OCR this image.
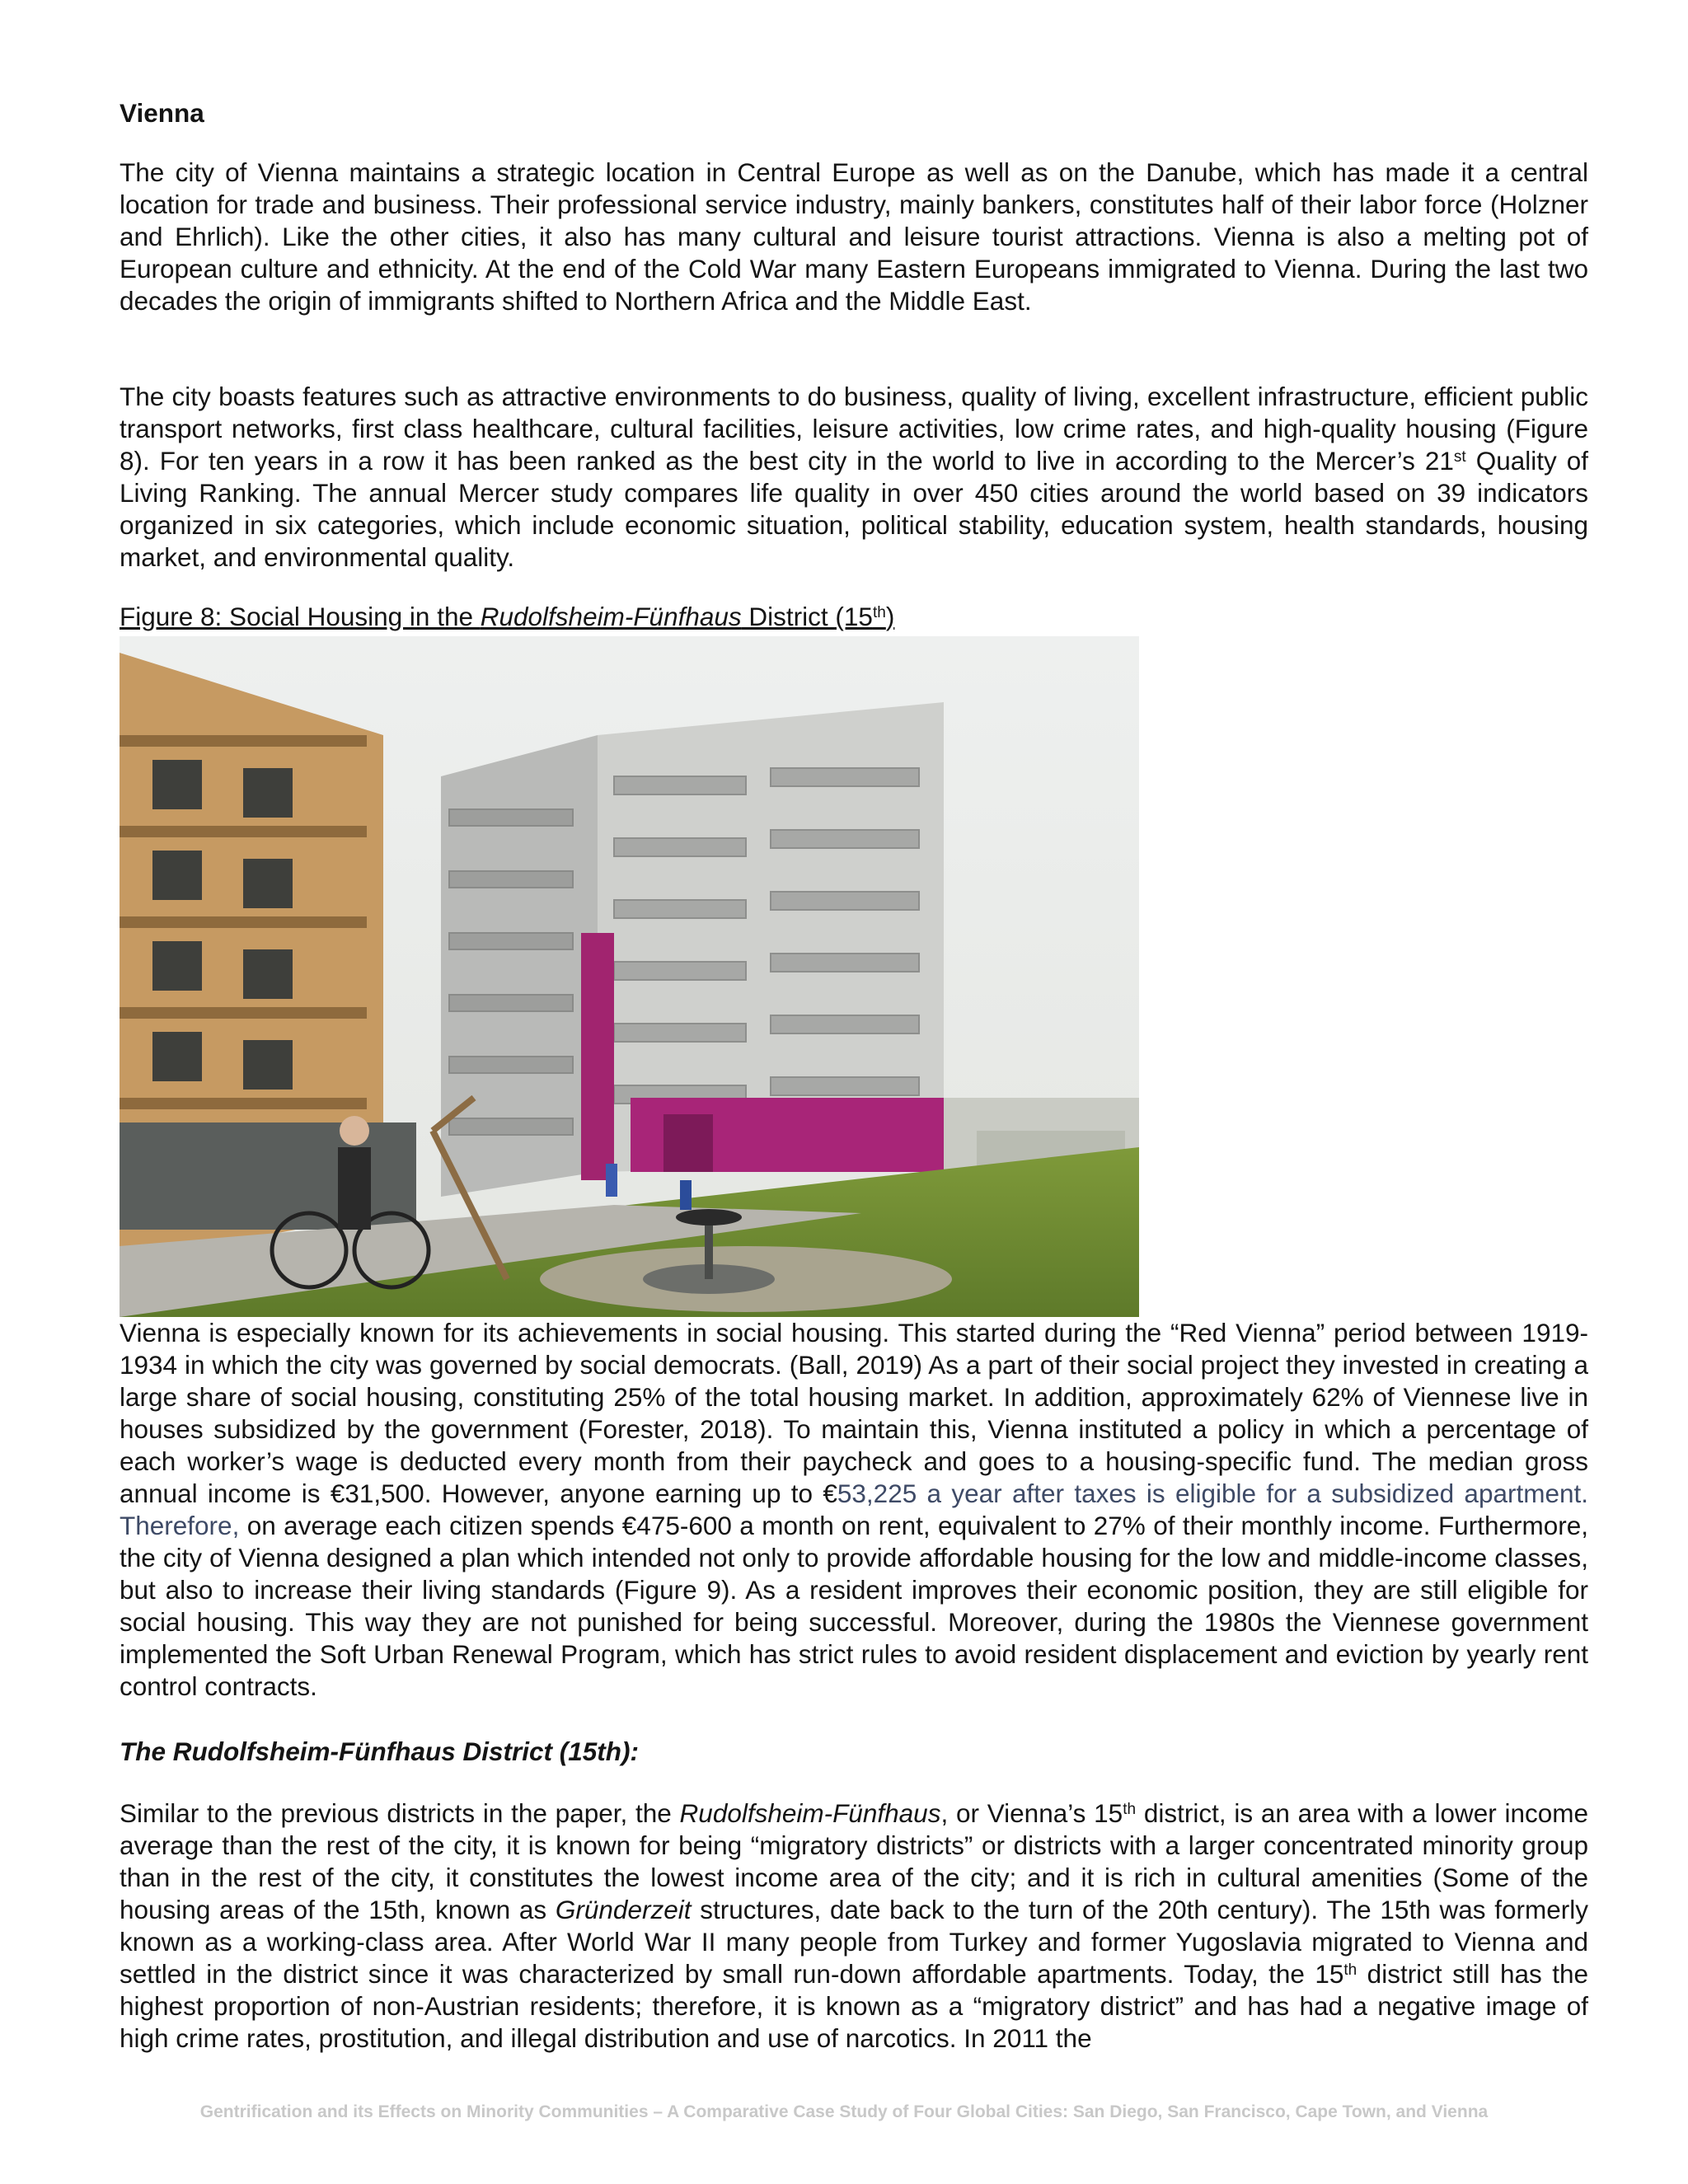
Vienna

The city of Vienna maintains a strategic location in Central Europe as well as on the Danube, which has made it a central location for trade and business. Their professional service industry, mainly bankers, constitutes half of their labor force (Holzner and Ehrlich). Like the other cities, it also has many cultural and leisure tourist attractions. Vienna is also a melting pot of European culture and ethnicity. At the end of the Cold War many Eastern Europeans immigrated to Vienna. During the last two decades the origin of immigrants shifted to Northern Africa and the Middle East.

The city boasts features such as attractive environments to do business, quality of living, excellent infrastructure, efficient public transport networks, first class healthcare, cultural facilities, leisure activities, low crime rates, and high-quality housing (Figure 8). For ten years in a row it has been ranked as the best city in the world to live in according to the Mercer’s 21st Quality of Living Ranking. The annual Mercer study compares life quality in over 450 cities around the world based on 39 indicators organized in six categories, which include economic situation, political stability, education system, health standards, housing market, and environmental quality.

Figure 8: Social Housing in the Rudolfsheim-Fünfhaus District (15th)

Vienna is especially known for its achievements in social housing. This started during the “Red Vienna” period between 1919-1934 in which the city was governed by social democrats. (Ball, 2019) As a part of their social project they invested in creating a large share of social housing, constituting 25% of the total housing market. In addition, approximately 62% of Viennese live in houses subsidized by the government (Forester, 2018). To maintain this, Vienna instituted a policy in which a percentage of each worker’s wage is deducted every month from their paycheck and goes to a housing-specific fund. The median gross annual income is €31,500. However, anyone earning up to €53,225 a year after taxes is eligible for a subsidized apartment. Therefore, on average each citizen spends €475-600 a month on rent, equivalent to 27% of their monthly income. Furthermore, the city of Vienna designed a plan which intended not only to provide affordable housing for the low and middle-income classes, but also to increase their living standards (Figure 9). As a resident improves their economic position, they are still eligible for social housing. This way they are not punished for being successful. Moreover, during the 1980s the Viennese government implemented the Soft Urban Renewal Program, which has strict rules to avoid resident displacement and eviction by yearly rent control contracts.

The Rudolfsheim-Fünfhaus District (15th):

Similar to the previous districts in the paper, the Rudolfsheim-Fünfhaus, or Vienna’s 15th district, is an area with a lower income average than the rest of the city, it is known for being “migratory districts” or districts with a larger concentrated minority group than in the rest of the city, it constitutes the lowest income area of the city; and it is rich in cultural amenities (Some of the housing areas of the 15th, known as Gründerzeit structures, date back to the turn of the 20th century). The 15th was formerly known as a working-class area. After World War II many people from Turkey and former Yugoslavia migrated to Vienna and settled in the district since it was characterized by small run-down affordable apartments. Today, the 15th district still has the highest proportion of non-Austrian residents; therefore, it is known as a “migratory district” and has had a negative image of high crime rates, prostitution, and illegal distribution and use of narcotics. In 2011 the

Gentrification and its Effects on Minority Communities – A Comparative Case Study of Four Global Cities: San Diego, San Francisco, Cape Town, and Vienna
